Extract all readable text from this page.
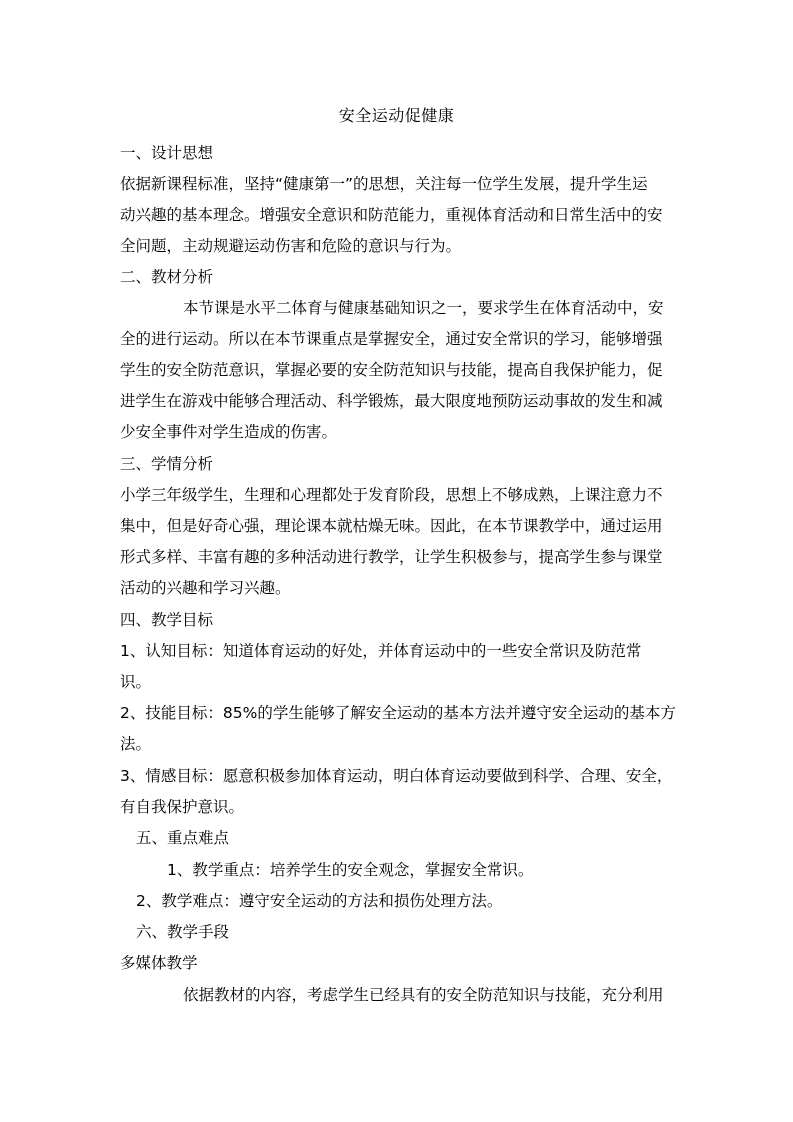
安全运动促健康
一、设计思想
依据新课程标准，坚持“健康第一”的思想，关注每一位学生发展，提升学生运
动兴趣的基本理念。增强安全意识和防范能力，重视体育活动和日常生活中的安
全问题，主动规避运动伤害和危险的意识与行为。
二、教材分析
本节课是水平二体育与健康基础知识之一，要求学生在体育活动中，安
全的进行运动。所以在本节课重点是掌握安全，通过安全常识的学习，能够增强
学生的安全防范意识，掌握必要的安全防范知识与技能，提高自我保护能力，促
进学生在游戏中能够合理活动、科学锻炼，最大限度地预防运动事故的发生和减
少安全事件对学生造成的伤害。
三、学情分析
小学三年级学生，生理和心理都处于发育阶段，思想上不够成熟，上课注意力不
集中，但是好奇心强，理论课本就枯燥无味。因此，在本节课教学中，通过运用
形式多样、丰富有趣的多种活动进行教学，让学生积极参与，提高学生参与课堂
活动的兴趣和学习兴趣。
四、教学目标
1、认知目标：知道体育运动的好处，并体育运动中的一些安全常识及防范常
识。
2、技能目标：85%的学生能够了解安全运动的基本方法并遵守安全运动的基本方
法。
3、情感目标：愿意积极参加体育运动，明白体育运动要做到科学、合理、安全，
有自我保护意识。
五、重点难点
1、教学重点：培养学生的安全观念，掌握安全常识。
2、教学难点：遵守安全运动的方法和损伤处理方法。
六、教学手段
多媒体教学
依据教材的内容，考虑学生已经具有的安全防范知识与技能，充分利用
